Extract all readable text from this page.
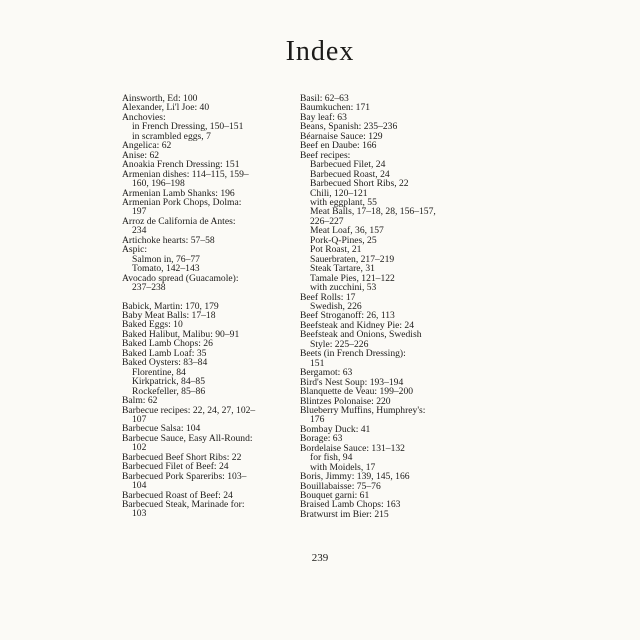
Index
Ainsworth, Ed: 100
Alexander, Li'l Joe: 40
Anchovies:
in French Dressing, 150–151
in scrambled eggs, 7
Angelica: 62
Anise: 62
Anoakia French Dressing: 151
Armenian dishes: 114–115, 159–
160, 196–198
Armenian Lamb Shanks: 196
Armenian Pork Chops, Dolma:
197
Arroz de California de Antes:
234
Artichoke hearts: 57–58
Aspic:
Salmon in, 76–77
Tomato, 142–143
Avocado spread (Guacamole):
237–238
Babick, Martin: 170, 179
Baby Meat Balls: 17–18
Baked Eggs: 10
Baked Halibut, Malibu: 90–91
Baked Lamb Chops: 26
Baked Lamb Loaf: 35
Baked Oysters: 83–84
Florentine, 84
Kirkpatrick, 84–85
Rockefeller, 85–86
Balm: 62
Barbecue recipes: 22, 24, 27, 102–
107
Barbecue Salsa: 104
Barbecue Sauce, Easy All-Round:
102
Barbecued Beef Short Ribs: 22
Barbecued Filet of Beef: 24
Barbecued Pork Spareribs: 103–
104
Barbecued Roast of Beef: 24
Barbecued Steak, Marinade for:
103
Basil: 62–63
Baumkuchen: 171
Bay leaf: 63
Beans, Spanish: 235–236
Béarnaise Sauce: 129
Beef en Daube: 166
Beef recipes:
Barbecued Filet, 24
Barbecued Roast, 24
Barbecued Short Ribs, 22
Chili, 120–121
with eggplant, 55
Meat Balls, 17–18, 28, 156–157,
226–227
Meat Loaf, 36, 157
Pork-Q-Pines, 25
Pot Roast, 21
Sauerbraten, 217–219
Steak Tartare, 31
Tamale Pies, 121–122
with zucchini, 53
Beef Rolls: 17
Swedish, 226
Beef Stroganoff: 26, 113
Beefsteak and Kidney Pie: 24
Beefsteak and Onions, Swedish
Style: 225–226
Beets (in French Dressing):
151
Bergamot: 63
Bird's Nest Soup: 193–194
Blanquette de Veau: 199–200
Blintzes Polonaise: 220
Blueberry Muffins, Humphrey's:
176
Bombay Duck: 41
Borage: 63
Bordelaise Sauce: 131–132
for fish, 94
with Moidels, 17
Boris, Jimmy: 139, 145, 166
Bouillabaisse: 75–76
Bouquet garni: 61
Braised Lamb Chops: 163
Bratwurst im Bier: 215
239
